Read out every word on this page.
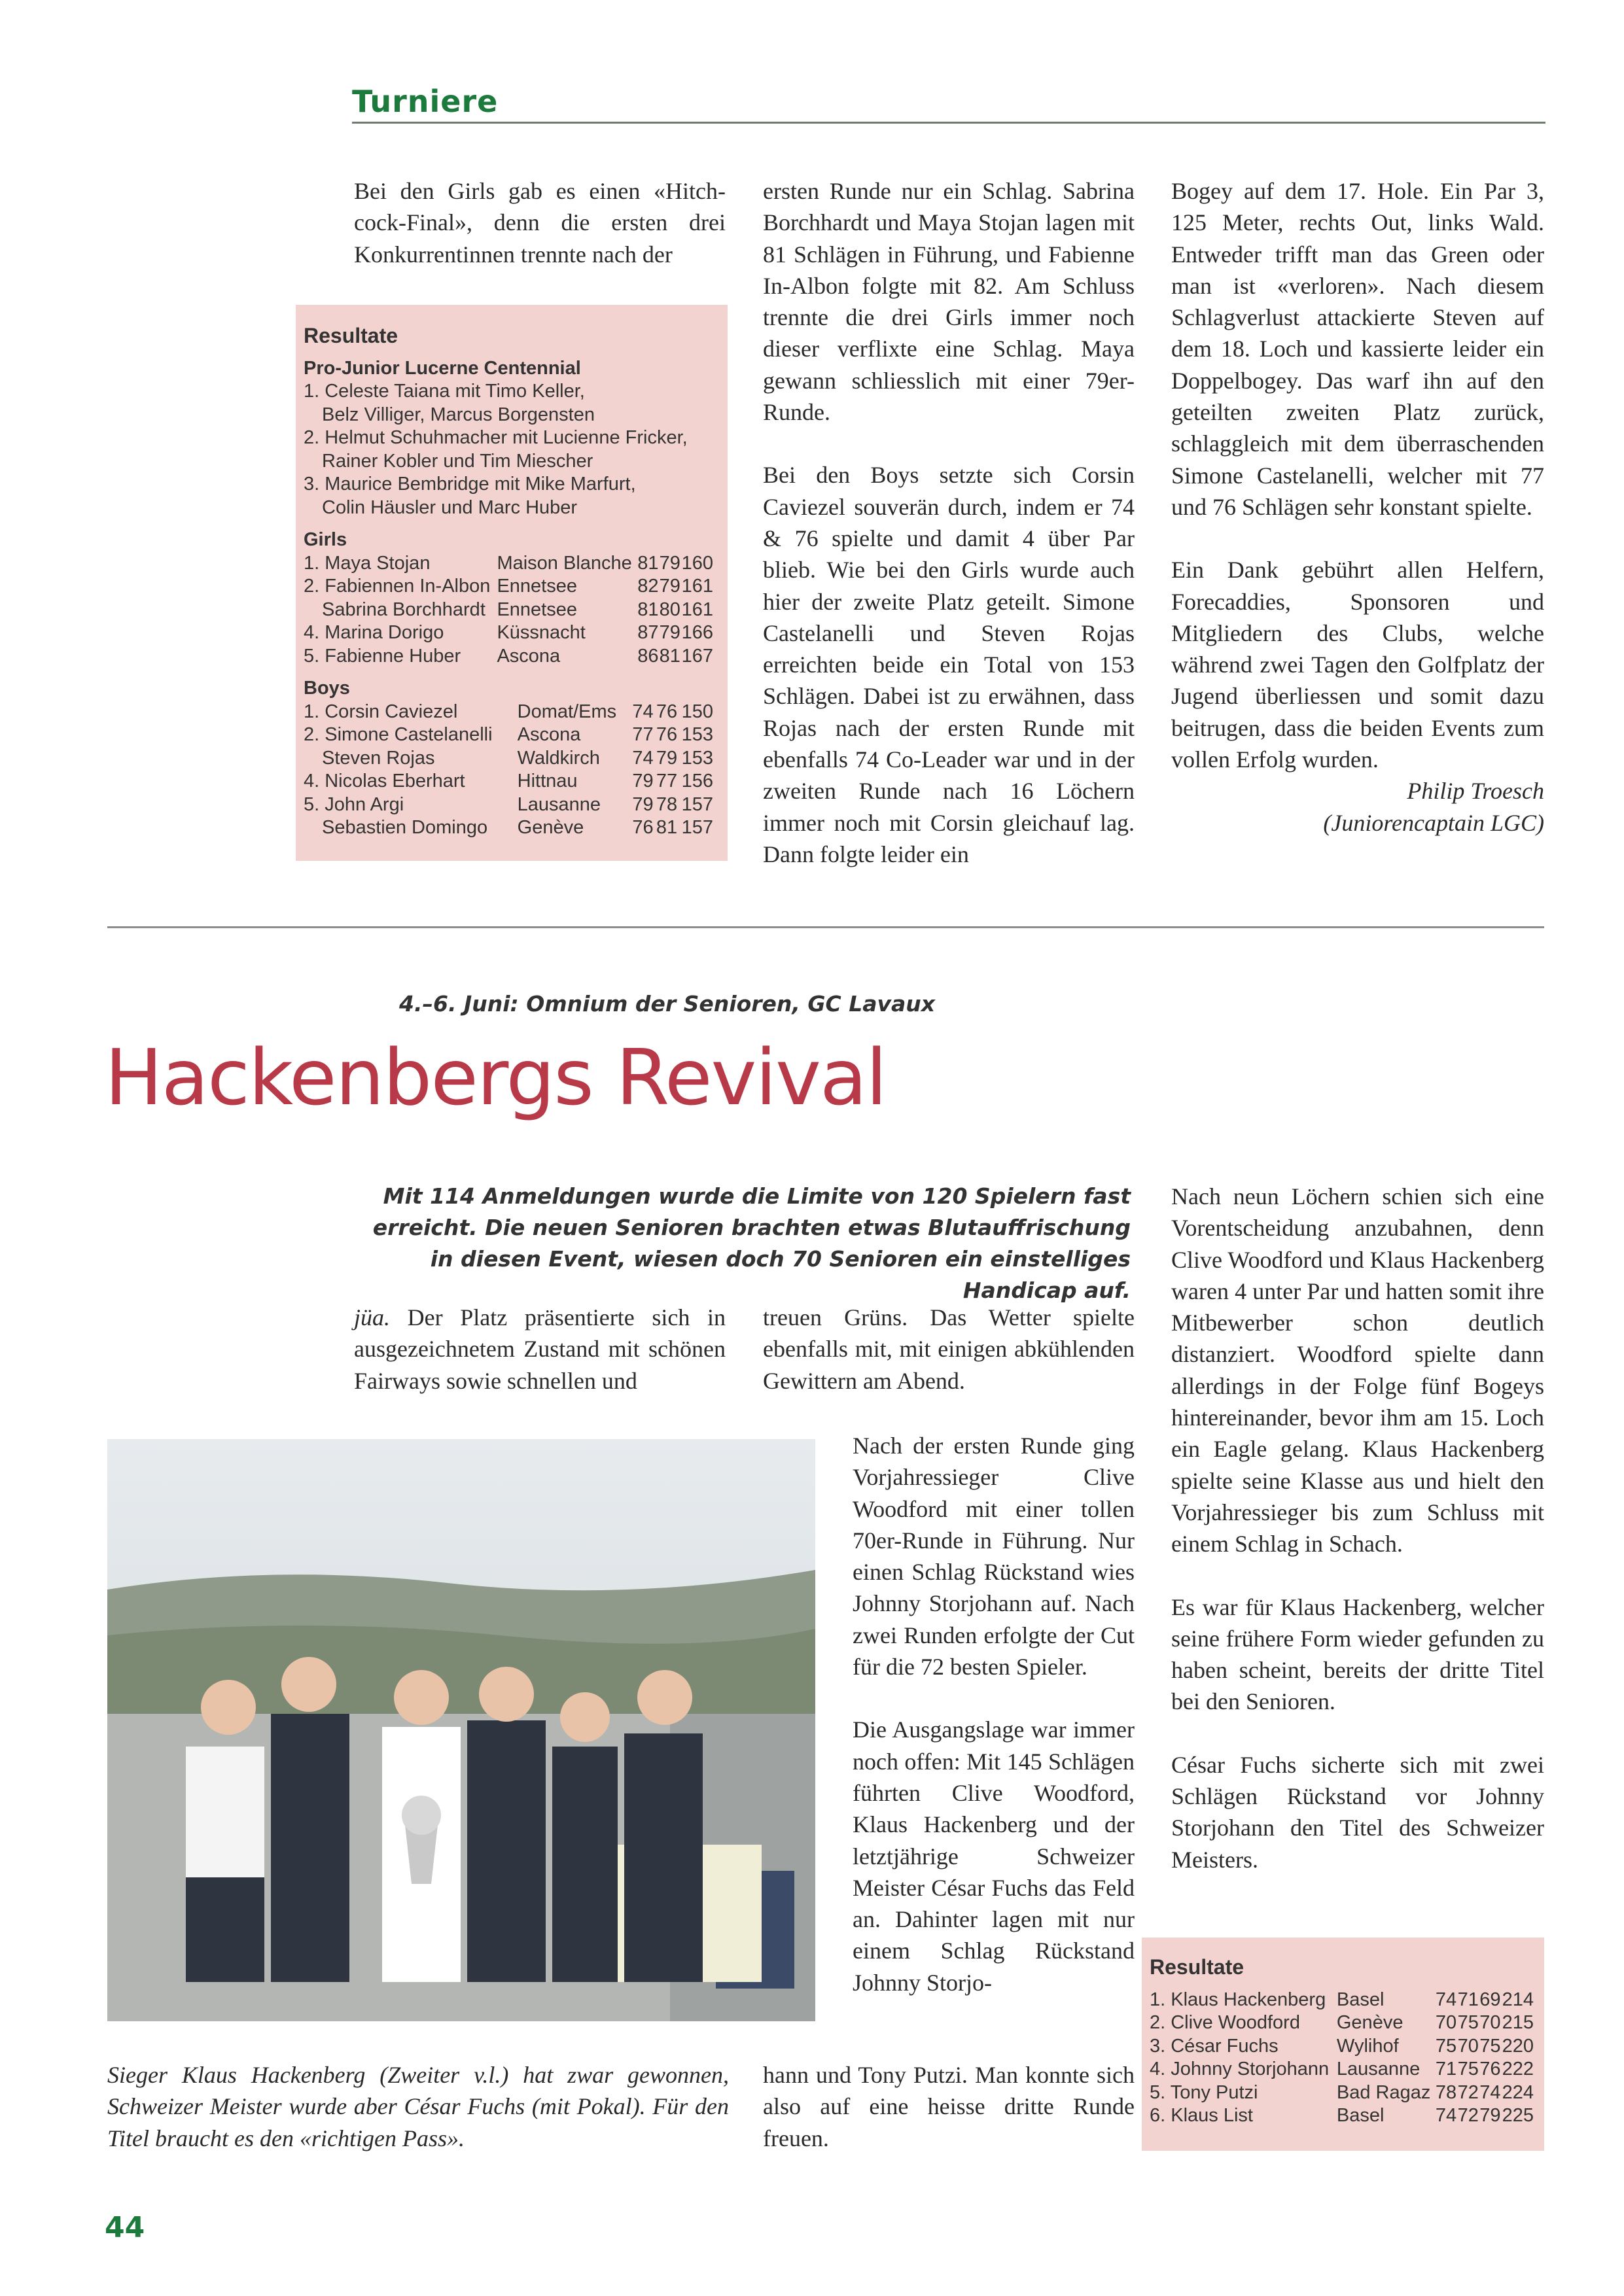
Turniere

Bei den Girls gab es einen «Hitch-cock-Final», denn die ersten drei Konkurrentinnen trennte nach der

Resultate
Pro-Junior Lucerne Centennial
1. Celeste Taiana mit Timo Keller,
Belz Villiger, Marcus Borgensten
2. Helmut Schuhmacher mit Lucienne Fricker,
Rainer Kobler und Tim Miescher
3. Maurice Bembridge mit Mike Marfurt,
Colin Häusler und Marc Huber
Girls
1. Maya Stojan	Maison Blanche	81	79	160
2. Fabiennen In-Albon	Ennetsee	82	79	161
Sabrina Borchhardt	Ennetsee	81	80	161
4. Marina Dorigo	Küssnacht	87	79	166
5. Fabienne Huber	Ascona	86	81	167
Boys
1. Corsin Caviezel	Domat/Ems	74	76	150
2. Simone Castelanelli	Ascona	77	76	153
Steven Rojas	Waldkirch	74	79	153
4. Nicolas Eberhart	Hittnau	79	77	156
5. John Argi	Lausanne	79	78	157
Sebastien Domingo	Genève	76	81	157

ersten Runde nur ein Schlag. Sabrina Borchhardt und Maya Stojan lagen mit 81 Schlägen in Führung, und Fabienne In-Albon folgte mit 82. Am Schluss trennte die drei Girls immer noch dieser verflixte eine Schlag. Maya gewann schliesslich mit einer 79er-Runde.

Bei den Boys setzte sich Corsin Caviezel souverän durch, indem er 74 & 76 spielte und damit 4 über Par blieb. Wie bei den Girls wurde auch hier der zweite Platz geteilt. Simone Castelanelli und Steven Rojas erreichten beide ein Total von 153 Schlägen. Dabei ist zu erwähnen, dass Rojas nach der ersten Runde mit ebenfalls 74 Co-Leader war und in der zweiten Runde nach 16 Löchern immer noch mit Corsin gleichauf lag. Dann folgte leider ein

Bogey auf dem 17. Hole. Ein Par 3, 125 Meter, rechts Out, links Wald. Entweder trifft man das Green oder man ist «verloren». Nach diesem Schlagverlust attackierte Steven auf dem 18. Loch und kassierte leider ein Doppelbogey. Das warf ihn auf den geteilten zweiten Platz zurück, schlaggleich mit dem überraschenden Simone Castelanelli, welcher mit 77 und 76 Schlägen sehr konstant spielte.

Ein Dank gebührt allen Helfern, Forecaddies, Sponsoren und Mitgliedern des Clubs, welche während zwei Tagen den Golfplatz der Jugend überliessen und somit dazu beitrugen, dass die beiden Events zum vollen Erfolg wurden.

Philip Troesch
(Juniorencaptain LGC)
4.–6. Juni: Omnium der Senioren, GC Lavaux
Hackenbergs Revival
Mit 114 Anmeldungen wurde die Limite von 120 Spielern fast erreicht. Die neuen Senioren brachten etwas Blutauffrischung in diesen Event, wiesen doch 70 Senioren ein einstelliges Handicap auf.

jüa. Der Platz präsentierte sich in ausgezeichnetem Zustand mit schönen Fairways sowie schnellen und

treuen Grüns. Das Wetter spielte ebenfalls mit, mit einigen abkühlenden Gewittern am Abend.

Nach der ersten Runde ging Vorjahressieger Clive Woodford mit einer tollen 70er-Runde in Führung. Nur einen Schlag Rückstand wies Johnny Storjohann auf. Nach zwei Runden erfolgte der Cut für die 72 besten Spieler.

Die Ausgangslage war immer noch offen: Mit 145 Schlägen führten Clive Woodford, Klaus Hackenberg und der letztjährige Schweizer Meister César Fuchs das Feld an. Dahinter lagen mit nur einem Schlag Rückstand Johnny Storjo-

hann und Tony Putzi. Man konnte sich also auf eine heisse dritte Runde freuen.

Nach neun Löchern schien sich eine Vorentscheidung anzubahnen, denn Clive Woodford und Klaus Hackenberg waren 4 unter Par und hatten somit ihre Mitbewerber schon deutlich distanziert. Woodford spielte dann allerdings in der Folge fünf Bogeys hintereinander, bevor ihm am 15. Loch ein Eagle gelang. Klaus Hackenberg spielte seine Klasse aus und hielt den Vorjahressieger bis zum Schluss mit einem Schlag in Schach.

Es war für Klaus Hackenberg, welcher seine frühere Form wieder gefunden zu haben scheint, bereits der dritte Titel bei den Senioren.

César Fuchs sicherte sich mit zwei Schlägen Rückstand vor Johnny Storjohann den Titel des Schweizer Meisters.

Sieger Klaus Hackenberg (Zweiter v.l.) hat zwar gewonnen, Schweizer Meister wurde aber César Fuchs (mit Pokal). Für den Titel braucht es den «richtigen Pass».
Resultate
1. Klaus Hackenberg	Basel	74	71	69	214
2. Clive Woodford	Genève	70	75	70	215
3. César Fuchs	Wylihof	75	70	75	220
4. Johnny Storjohann	Lausanne	71	75	76	222
5. Tony Putzi	Bad Ragaz	78	72	74	224
6. Klaus List	Basel	74	72	79	225
44
